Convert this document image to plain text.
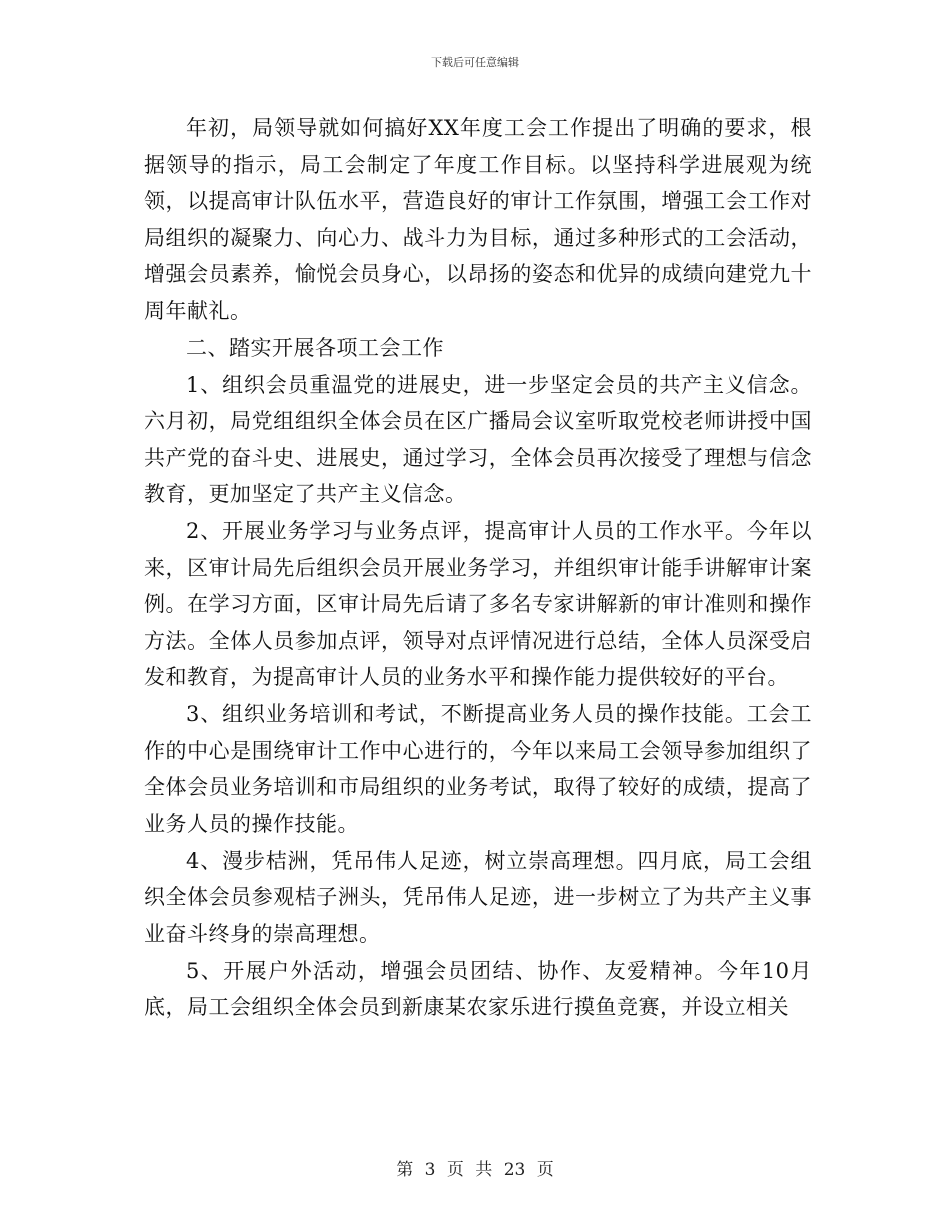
下载后可任意编辑

年初，局领导就如何搞好XX年度工会工作提出了明确的要求，根据领导的指示，局工会制定了年度工作目标。以坚持科学进展观为统领，以提高审计队伍水平，营造良好的审计工作氛围，增强工会工作对局组织的凝聚力、向心力、战斗力为目标，通过多种形式的工会活动，增强会员素养，愉悦会员身心，以昂扬的姿态和优异的成绩向建党九十周年献礼。

二、踏实开展各项工会工作

1、组织会员重温党的进展史，进一步坚定会员的共产主义信念。六月初，局党组组织全体会员在区广播局会议室听取党校老师讲授中国共产党的奋斗史、进展史，通过学习，全体会员再次接受了理想与信念教育，更加坚定了共产主义信念。

2、开展业务学习与业务点评，提高审计人员的工作水平。今年以来，区审计局先后组织会员开展业务学习，并组织审计能手讲解审计案例。在学习方面，区审计局先后请了多名专家讲解新的审计准则和操作方法。全体人员参加点评，领导对点评情况进行总结，全体人员深受启发和教育，为提高审计人员的业务水平和操作能力提供较好的平台。

3、组织业务培训和考试，不断提高业务人员的操作技能。工会工作的中心是围绕审计工作中心进行的，今年以来局工会领导参加组织了全体会员业务培训和市局组织的业务考试，取得了较好的成绩，提高了业务人员的操作技能。

4、漫步桔洲，凭吊伟人足迹，树立崇高理想。四月底，局工会组织全体会员参观桔子洲头，凭吊伟人足迹，进一步树立了为共产主义事业奋斗终身的崇高理想。

5、开展户外活动，增强会员团结、协作、友爱精神。今年10月底，局工会组织全体会员到新康某农家乐进行摸鱼竞赛，并设立相关

第 3 页 共 23 页
